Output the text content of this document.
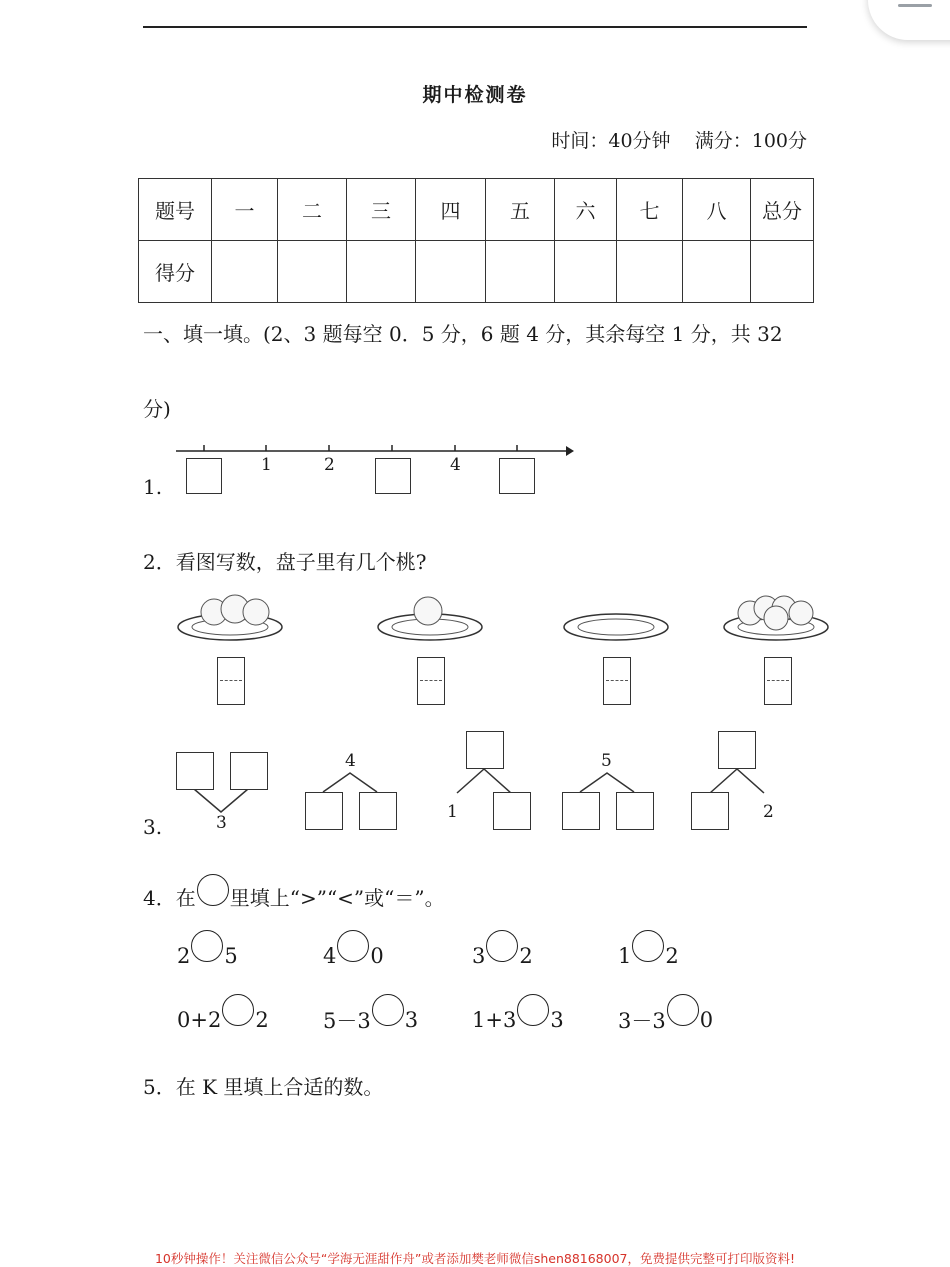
期中检测卷
时间：40分钟 满分：100分
题号	一	二	三	四	五	六	七	八	总分
得分									
一、填一填。(2、3 题每空 0．5 分，6 题 4 分，其余每空 1 分，共 32
分)
1.
1	2	4
2．看图写数，盘子里有几个桃?
3.	3
4
1
5
2
4．在 里填上“>”“<”或“＝”。
2 5	4 0	3 2	1 2
0+2 2	5－3 3	1+3 3	3－3 0
5．在 K 里填上合适的数。
10秒钟操作！关注微信公众号“学海无涯甜作舟”或者添加樊老师微信shen88168007，免费提供完整可打印版资料!
